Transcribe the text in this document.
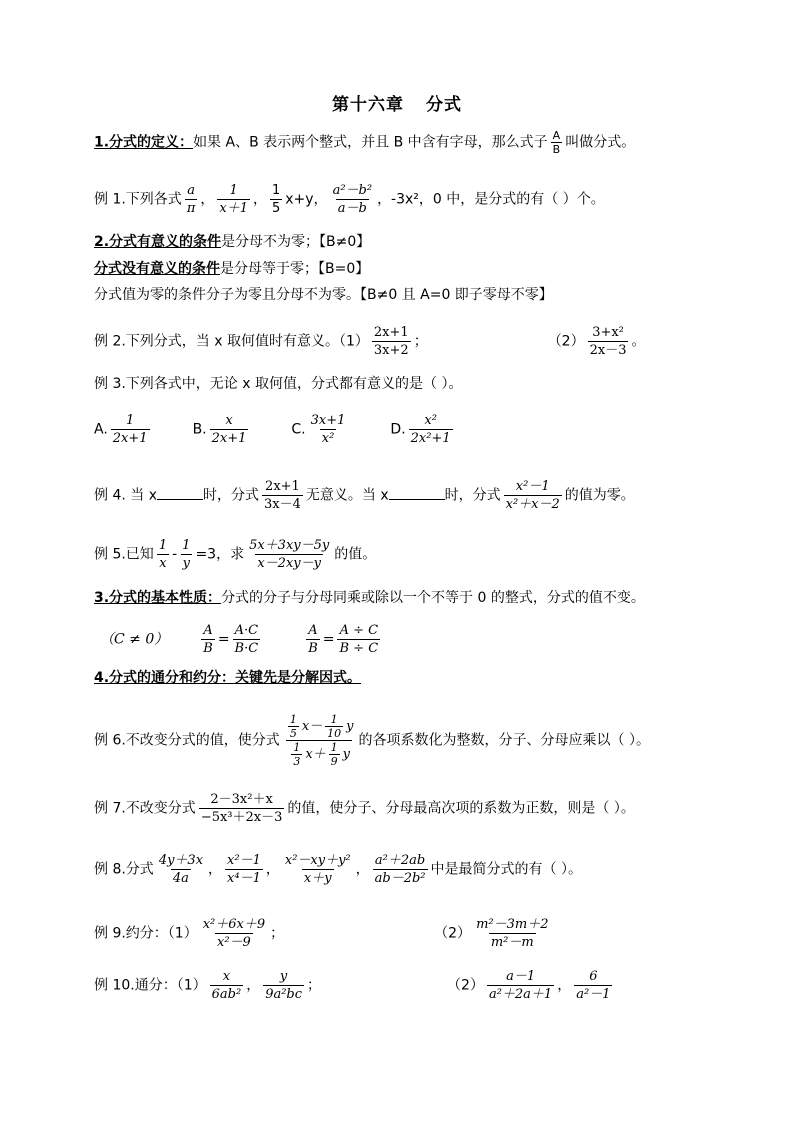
第十六章 分式
1.分式的定义：如果 A、B 表示两个整式，并且 B 中含有字母，那么式子 $\frac{A}{B}$ 叫做分式。
例 1.下列各式 $\frac{a}{\pi}$ ， $\frac{1}{x+1}$ ， $\frac{1}{5} x+y$， $\frac{\text{a²－b²}}{a-b}$ ，-3x²，0 中，是分式的有（ ）个。
2.分式有意义的条件是分母不为零；【B≠0】
分式没有意义的条件是分母等于零；【B=0】
分式值为零的条件分子为零且分母不为零。【B≠0 且 A=0 即子零母不零】
例 2.下列分式，当 x 取何值时有意义。$(1) \frac{2x+1}{3x+2}$ ；	$(2) \frac{\text{3+x²}}{2x-3}$ 。
例 3.下列各式中，无论 x 取何值，分式都有意义的是（ ）。
A. $\frac{1}{2x+1}$	B. $\frac{x}{2x+1}$	C. $\frac{3x+1}{\text{x²}}$	D. $\frac{\text{x²}}{\text{2x²+1}}$
例 4. 当 x	时，分式 $\frac{2x+1}{3x-4}$ 无意义。当 x	时，分式 $\frac{\text{x²－1}}{\text{x²＋x－2}}$ 的值为零。
例 5.已知 $\frac{1}{x} - \frac{1}{y} =3$，求 $\frac{5x+3xy-5y}{x-2xy-y}$ 的值。
3.分式的基本性质：分式的分子与分母同乘或除以一个不等于 0 的整式，分式的值不变。
（C ≠ 0）	$\frac{A}{B} = \frac{A\cdot C}{B\cdot C}$	$\frac{A}{B} = \frac{A \div C}{B \div C}$
4.分式的通分和约分：关键先是分解因式。
例 6.不改变分式的值，使分式 $\frac{\frac{1}{5} x- \frac{1}{10} y}{\frac{1}{3} x+ \frac{1}{9} y}$ 的各项系数化为整数，分子、分母应乘以（ ）。
例 7.不改变分式 $\frac{\text{2－3x²＋x}}{\text{−5x³＋2x－3}}$ 的值，使分子、分母最高次项的系数为正数，则是（ ）。
例 8.分式 $\frac{4y+3x}{4a}$ ， $\frac{\text{x²－1}}{\text{x⁴－1}}$ ， $\frac{\text{x²－xy＋y²}}{x+y}$ ， $\frac{\text{a²＋2ab}}{\text{ab－2b²}}$ 中是最简分式的有（ ）。
例 9.约分：$(1) \frac{\text{x²＋6x＋9}}{\text{x²－9}}$ ；	$(2) \frac{\text{m²－3m＋2}}{\text{m²－m}}$
例 10.通分：$(1) \frac{x}{\text{6ab²}}$ ， $\frac{y}{\text{9a²bc}}$ ；	$(2) \frac{a-1}{\text{a²＋2a＋1}}$ ， $\frac{6}{\text{a²－1}}$
